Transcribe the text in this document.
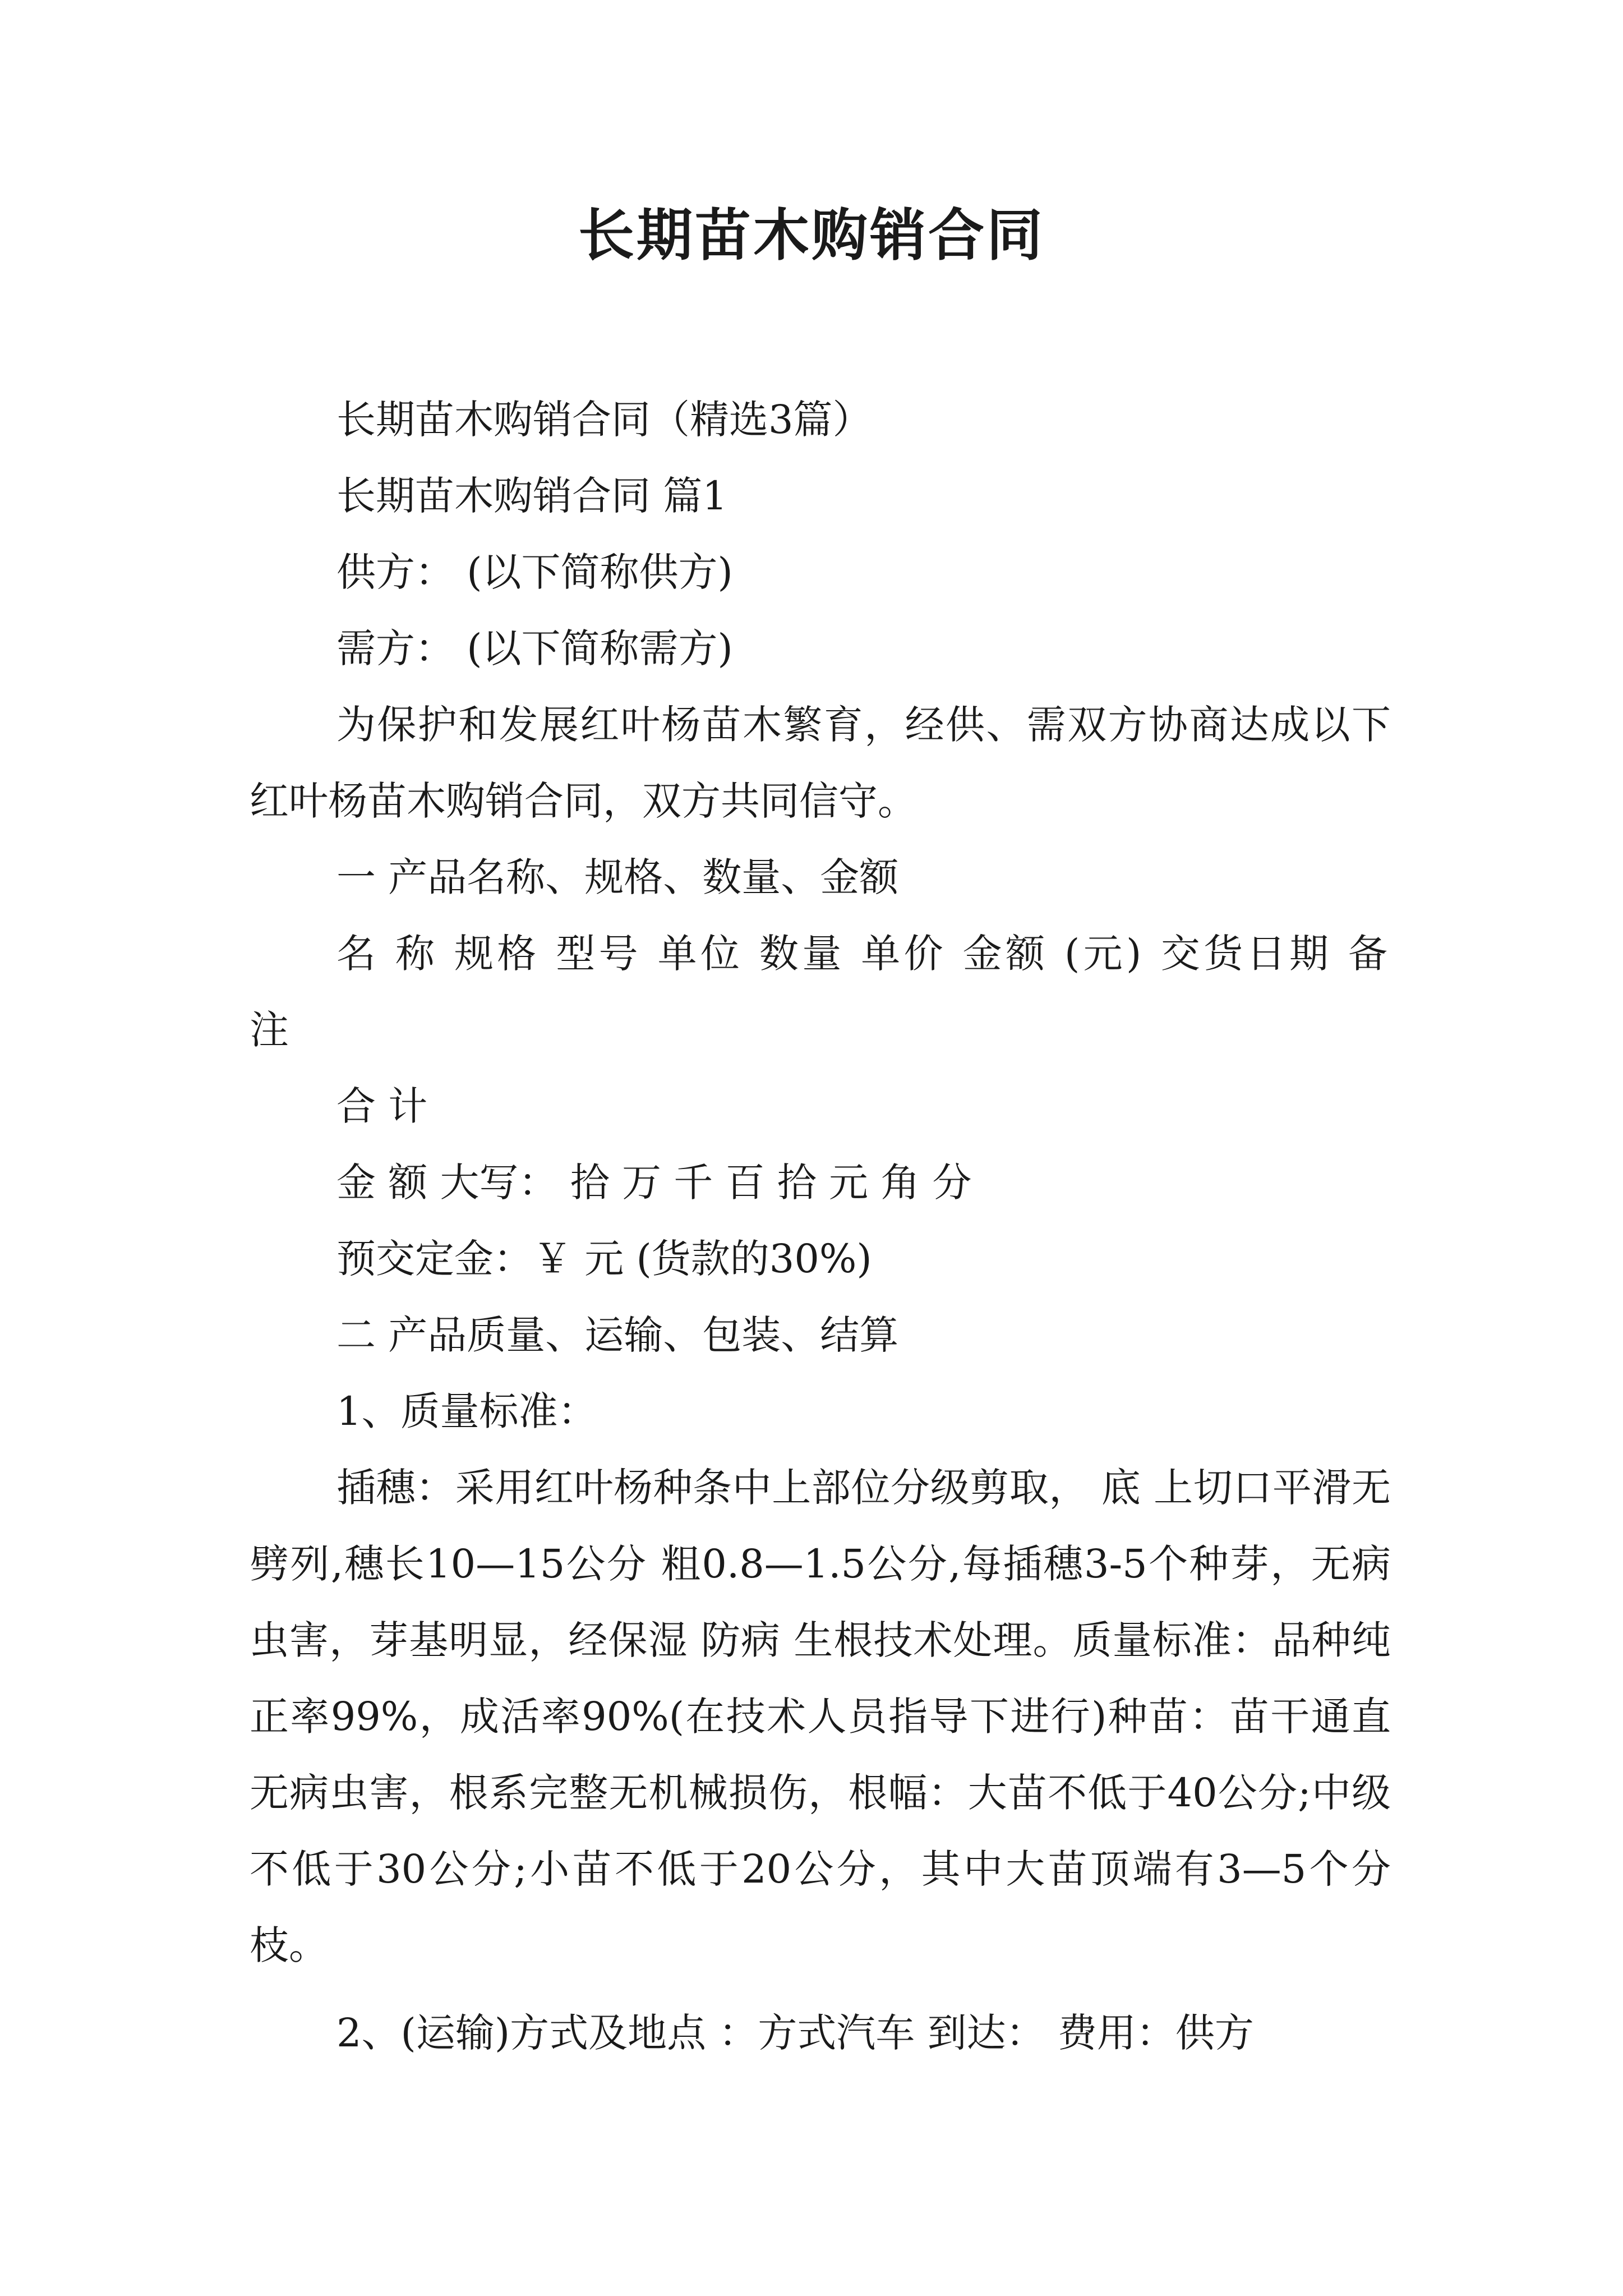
长期苗木购销合同

长期苗木购销合同（精选3篇）

长期苗木购销合同 篇1

供方： (以下简称供方)

需方： (以下简称需方)

为保护和发展红叶杨苗木繁育，经供、需双方协商达成以下红叶杨苗木购销合同，双方共同信守。

一 产品名称、规格、数量、金额

名 称 规格 型号 单位 数量 单价 金额 (元) 交货日期 备 注

合 计

金 额 大写： 拾 万 千 百 拾 元 角 分

预交定金：￥ 元 (货款的30%)

二 产品质量、运输、包装、结算

1、质量标准：

插穗：采用红叶杨种条中上部位分级剪取， 底 上切口平滑无劈列,穗长10—15公分 粗0.8—1.5公分,每插穗3-5个种芽，无病虫害，芽基明显，经保湿 防病 生根技术处理。质量标准：品种纯正率99%，成活率90%(在技术人员指导下进行)种苗：苗干通直 无病虫害，根系完整无机械损伤，根幅：大苗不低于40公分;中级不低于30公分;小苗不低于20公分，其中大苗顶端有3—5个分枝。

2、(运输)方式及地点 ：方式汽车 到达： 费用：供方
